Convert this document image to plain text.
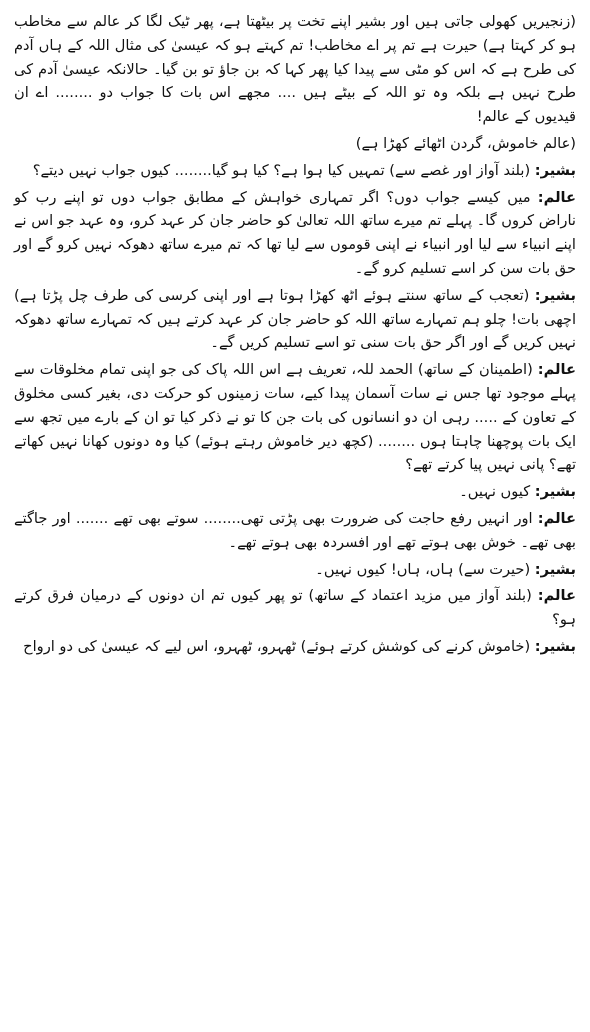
(زنجیریں کھولی جاتی ہیں اور بشیر اپنے تخت پر بیٹھتا ہے، پھر ٹیک لگا کر عالم سے مخاطب ہو کر کہتا ہے) حیرت ہے تم پر اے مخاطب! تم کہتے ہو کہ عیسیٰ کی مثال اللہ کے ہاں آدم کی طرح ہے کہ اس کو مٹی سے پیدا کیا پھر کہا کہ بن جاؤ تو بن گیا۔ حالانکہ عیسیٰ آدم کی طرح نہیں ہے بلکہ وہ تو اللہ کے بیٹے ہیں .... مجھے اس بات کا جواب دو ........ اے ان قیدیوں کے عالم!

(عالم خاموش، گردن اٹھائے کھڑا ہے)

بشیر: (بلند آواز اور غصے سے) تمہیں کیا ہوا ہے؟ کیا ہو گیا........ کیوں جواب نہیں دیتے؟

عالم: میں کیسے جواب دوں؟ اگر تمہاری خواہش کے مطابق جواب دوں تو اپنے رب کو ناراض کروں گا۔ پہلے تم میرے ساتھ اللہ تعالیٰ کو حاضر جان کر عہد کرو، وہ عہد جو اس نے اپنے انبیاء سے لیا اور انبیاء نے اپنی قوموں سے لیا تھا کہ تم میرے ساتھ دھوکہ نہیں کرو گے اور حق بات سن کر اسے تسلیم کرو گے۔

بشیر: (تعجب کے ساتھ سنتے ہوئے اٹھ کھڑا ہوتا ہے اور اپنی کرسی کی طرف چل پڑتا ہے) اچھی بات! چلو ہم تمہارے ساتھ اللہ کو حاضر جان کر عہد کرتے ہیں کہ تمہارے ساتھ دھوکہ نہیں کریں گے اور اگر حق بات سنی تو اسے تسلیم کریں گے۔

عالم: (اطمینان کے ساتھ) الحمد للہ، تعریف ہے اس اللہ پاک کی جو اپنی تمام مخلوقات سے پہلے موجود تھا جس نے سات آسمان پیدا کیے، سات زمینوں کو حرکت دی، بغیر کسی مخلوق کے تعاون کے ..... رہی ان دو انسانوں کی بات جن کا تو نے ذکر کیا تو ان کے بارے میں تجھ سے ایک بات پوچھنا چاہتا ہوں ........ (کچھ دیر خاموش رہتے ہوئے) کیا وہ دونوں کھانا نہیں کھاتے تھے؟ پانی نہیں پیا کرتے تھے؟

بشیر: کیوں نہیں۔

عالم: اور انہیں رفع حاجت کی ضرورت بھی پڑتی تھی........ سوتے بھی تھے ....... اور جاگتے بھی تھے۔ خوش بھی ہوتے تھے اور افسردہ بھی ہوتے تھے۔

بشیر: (حیرت سے) ہاں، ہاں! کیوں نہیں۔

عالم: (بلند آواز میں مزید اعتماد کے ساتھ) تو پھر کیوں تم ان دونوں کے درمیان فرق کرتے ہو؟

بشیر: (خاموش کرنے کی کوشش کرتے ہوئے) ٹھہرو، ٹھہرو، اس لیے کہ عیسیٰ کی دو ارواح
